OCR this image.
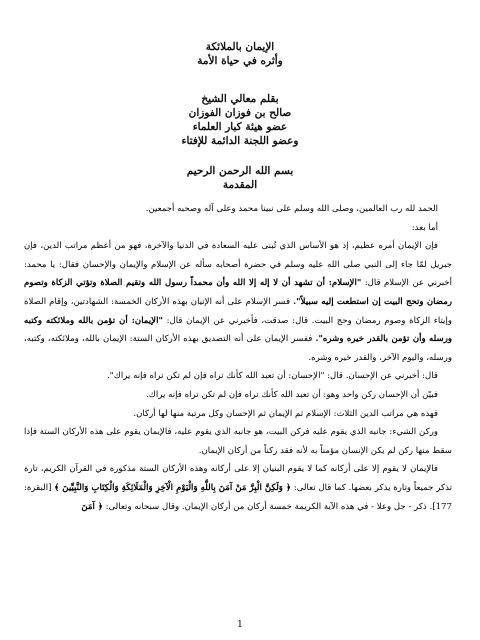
الإيمان بالملائكة
وأثره في حياة الأمة
بقلم معالي الشيخ
صالح بن فوزان الفوزان
عضو هيئة كبار العلماء
وعضو اللجنة الدائمة للإفتاء
بسم الله الرحمن الرحيم
المقدمة

الحمد لله رب العالمين، وصلى الله وسلم على نبينا محمد وعلى آله وصحبه أجمعين.

أما بعد:

فإن الإيمان أمره عظيم، إذ هو الأساس الذي تُبنى عليه السعادة في الدنيا والآخرة، فهو من أعظم مراتب الدين، فإن جبريل لمّا جاء إلى النبي صلى الله عليه وسلم في حضرة أصحابه سأله عن الإسلام والإيمان والإحسان فقال: يا محمد: أخبرني عن الإسلام قال: "الإسلام: أن تشهد أن لا إله إلا الله وأن محمداً رسول الله وتقيم الصلاة وتؤتي الزكاة وتصوم رمضان وتحج البيت إن استطعت إليه سبيلاً". فسر الإسلام على أنه الإتيان بهذه الأركان الخمسة: الشهادتين، وإقام الصلاة وإيتاء الزكاة وصوم رمضان وحج البيت. قال: صدقت، فأخبرني عن الإيمان قال: "الإيمان: أن تؤمن بالله وملائكته وكتبه ورسله وأن تؤمن بالقدر خيره وشره". ففسر الإيمان على أنه التصديق بهذه الأركان الستة: الإيمان بالله، وملائكته، وكتبه، ورسله، واليوم الآخر، والقدر خيره وشره.

قال: أخبرني عن الإحسان. قال: "الإحسان: أن تعبد الله كأنك تراه فإن لم تكن تراه فإنه يراك".

فبيّن أن الإحسان ركن واحد وهو: أن تعبد الله كأنك تراه فإن لم تكن تراه فإنه يراك.

فهذه هي مراتب الدين الثلاث: الإسلام ثم الإيمان ثم الإحسان وكل مرتبة منها لها أركان.

وركن الشيء: جانبه الذي يقوم عليه فركن البيت، هو جانبه الذي يقوم عليه، فالإيمان يقوم على هذه الأركان الستة فإذا سقط منها ركن لم يكن الإنسان مؤمناً به لأنه فقد ركناً من أركان الإيمان.

فالإيمان لا يقوم إلا على أركانه كما لا يقوم البنيان إلا على أركانه وهذه الأركان الستة مذكورة في القرآن الكريم، تارة تذكر جميعاً وتارة يذكر بعضها. كما قال تعالى: ﴿ وَلَكِنَّ الْبِرَّ مَنْ آمَنَ بِاللَّهِ وَالْيَوْمِ الْآخِرِ وَالْمَلَائِكَةِ وَالْكِتَابِ وَالنَّبِيِّينَ ﴾ [البقرة: 177]. ذكر - جل وعلا - في هذه الآية الكريمة خمسة أركان من أركان الإيمان. وقال سبحانه وتعالى: ﴿ آمَنَ

1
